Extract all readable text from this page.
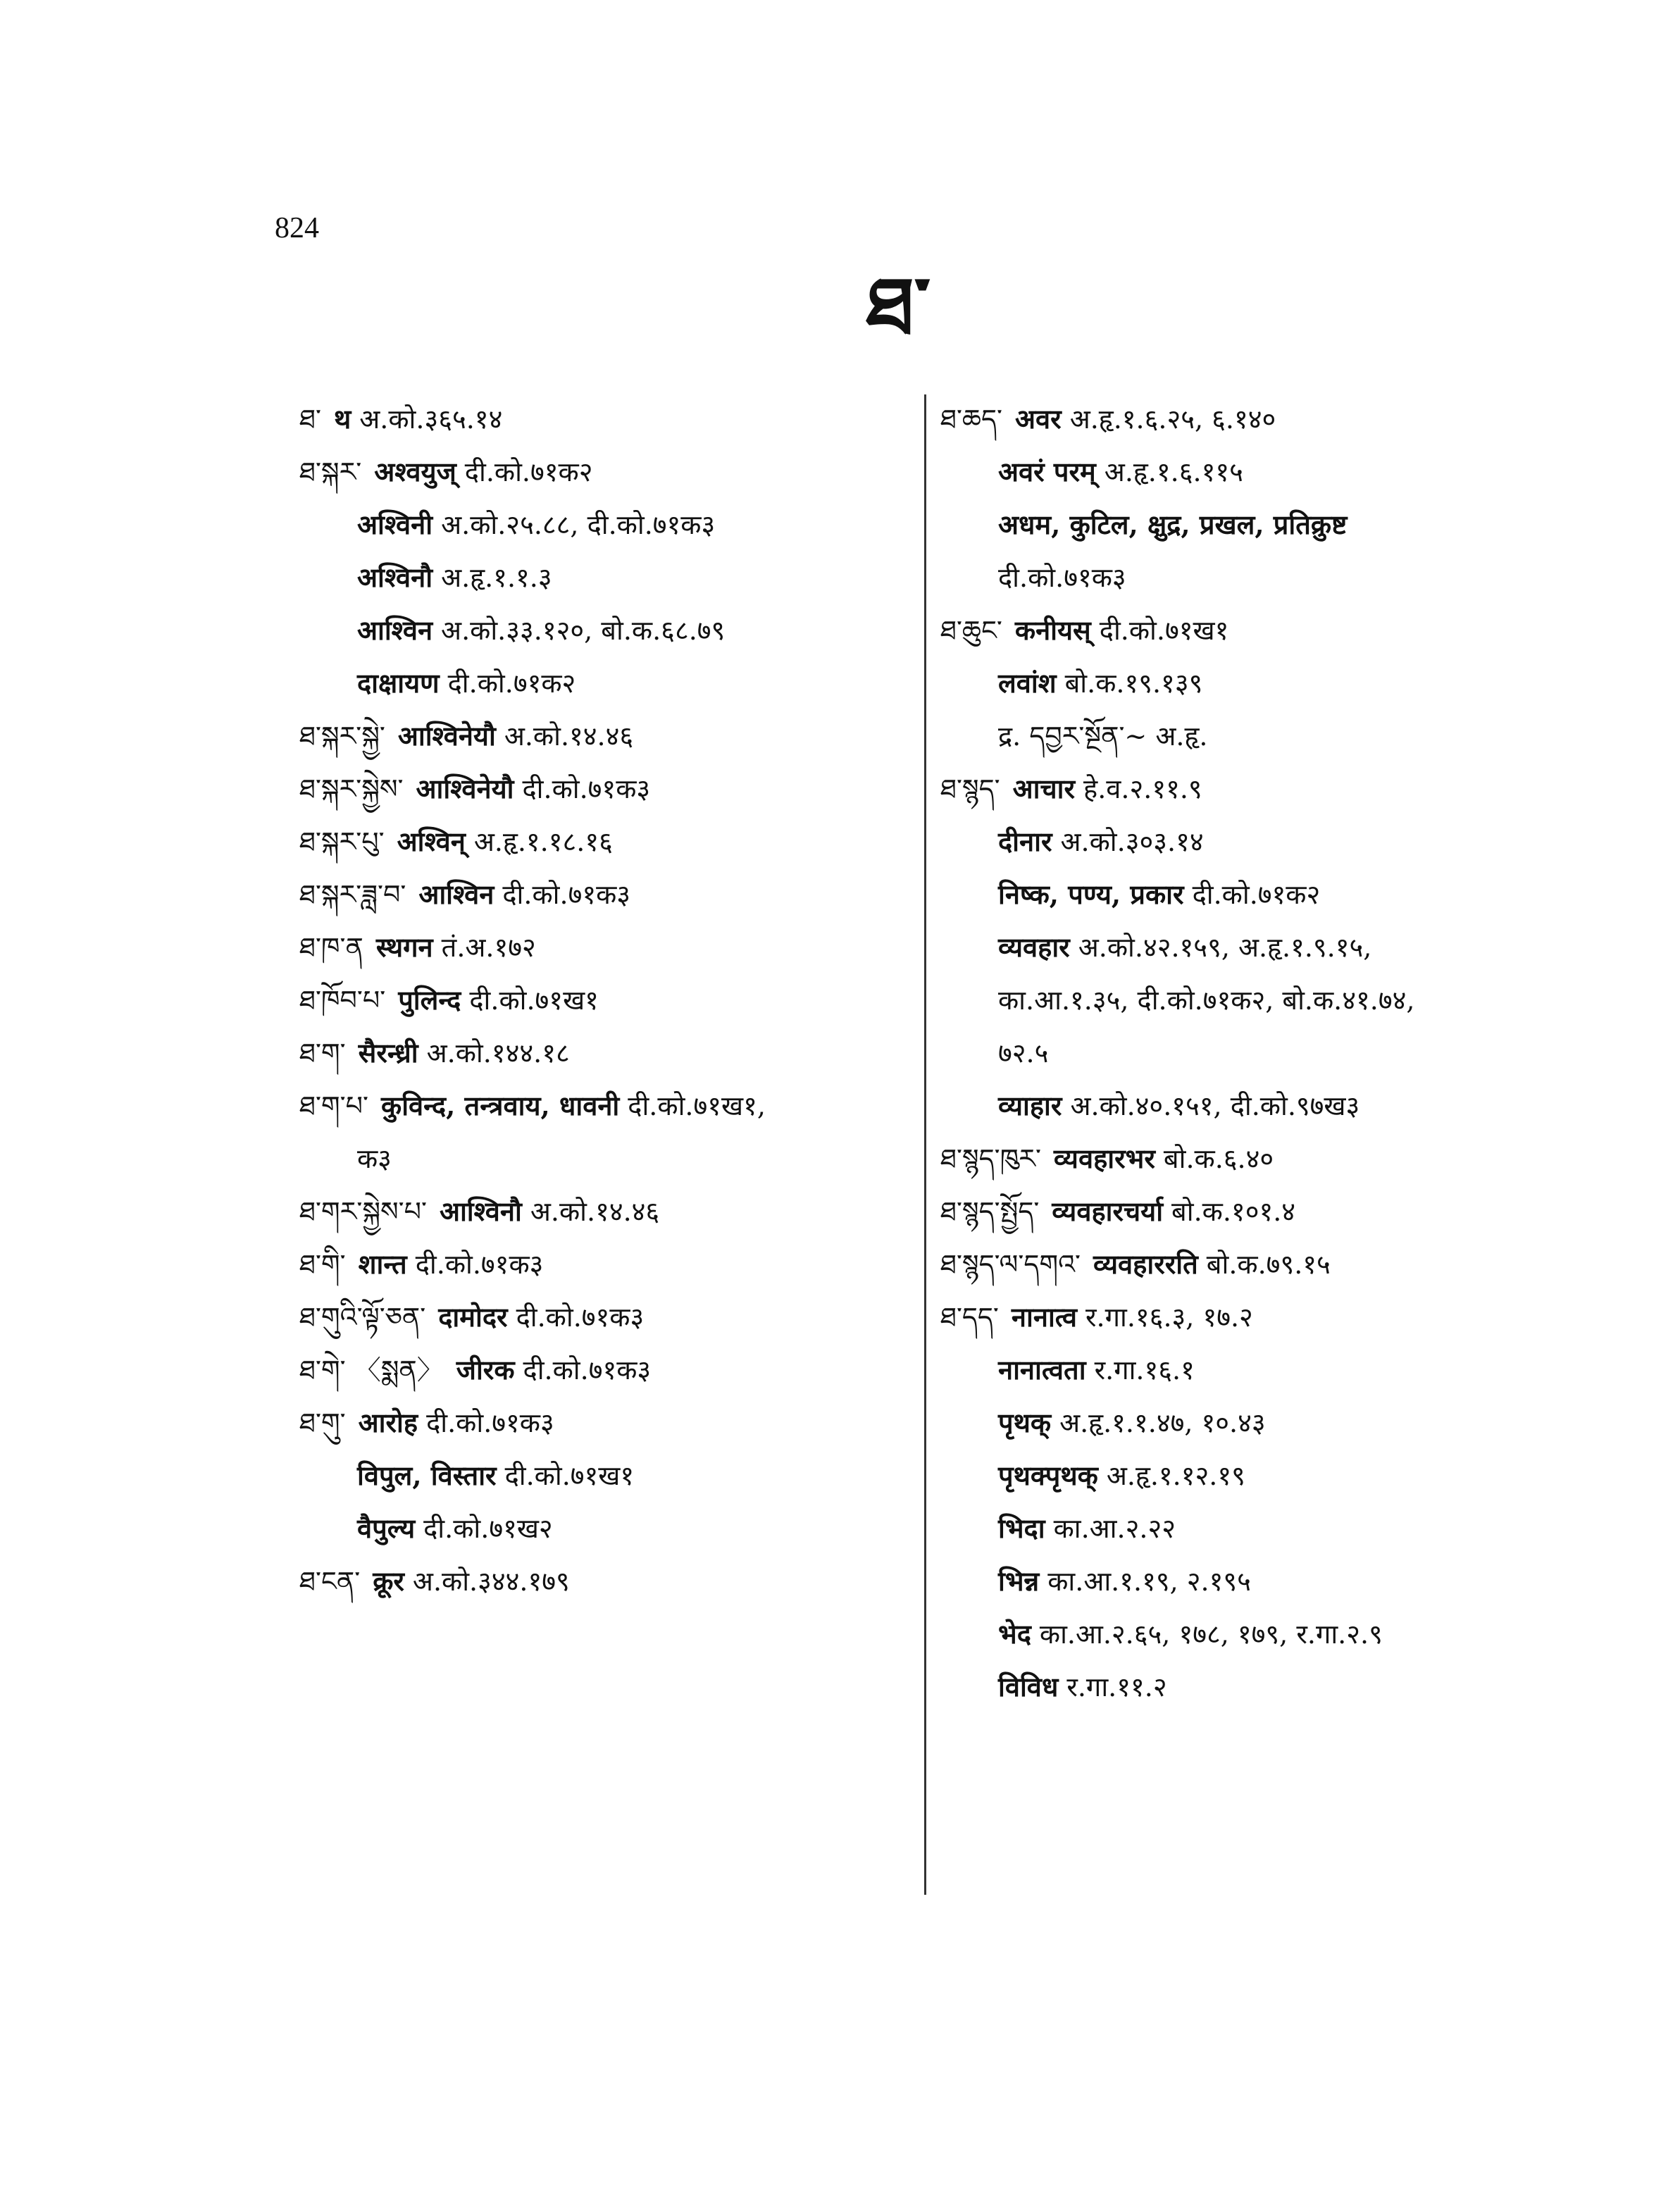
824
ཐ་
ཐ་ थ अ.को.३६५.१४
ཐ་སྐར་ अश्वयुज् दी.को.७१क२
अश्विनी अ.को.२५.८८, दी.को.७१क३
अश्विनौ अ.हृ.१.१.३
आश्विन अ.को.३३.१२०, बो.क.६८.७९
दाक्षायण दी.को.७१क२
ཐ་སྐར་སྐྱེ་ आश्विनेयौ अ.को.१४.४६
ཐ་སྐར་སྐྱེས་ आश्विनेयौ दी.को.७१क३
ཐ་སྐར་པུ་ अश्विन् अ.हृ.१.१८.१६
ཐ་སྐར་ཟླ་བ་ आश्विन दी.को.७१क३
ཐ་ཁ་ན स्थगन तं.अ.१७२
ཐ་ཁོབ་པ་ पुलिन्द दी.को.७१ख१
ཐ་ག་ सैरन्ध्री अ.को.१४४.१८
ཐ་ག་པ་ कुविन्द, तन्त्रवाय, धावनी दी.को.७१ख१,
क३
ཐ་གར་སྐྱེས་པ་ आश्विनौ अ.को.१४.४६
ཐ་གི་ शान्त दी.को.७१क३
ཐ་གུའི་ལྟོ་ཅན་ दामोदर दी.को.७१क३
ཐ་གེ་ 〈སྨན〉 जीरक दी.को.७१क३
ཐ་གུ་ आरोह दी.को.७१क३
विपुल, विस्तार दी.को.७१ख१
वैपुल्य दी.को.७१ख२
ཐ་ངན་ क्रूर अ.को.३४४.१७९
ཐ་ཆད་ अवर अ.हृ.१.६.२५, ६.१४०
अवरं परम् अ.हृ.१.६.११५
अधम, कुटिल, क्षुद्र, प्रखल, प्रतिक्रुष्ट
दी.को.७१क३
ཐ་ཆུང་ कनीयस् दी.को.७१ख१
लवांश बो.क.१९.१३९
द्र. དབྱར་སྔོན་~ अ.हृ.
ཐ་སྙད་ आचार हे.व.२.११.९
दीनार अ.को.३०३.१४
निष्क, पण्य, प्रकार दी.को.७१क२
व्यवहार अ.को.४२.१५९, अ.हृ.१.९.१५,
का.आ.१.३५, दी.को.७१क२, बो.क.४१.७४,
७२.५
व्याहार अ.को.४०.१५१, दी.को.९७ख३
ཐ་སྙད་ཁུར་ व्यवहारभर बो.क.६.४०
ཐ་སྙད་སྤྱོད་ व्यवहारचर्या बो.क.१०१.४
ཐ་སྙད་ལ་དགའ་ व्यवहाररति बो.क.७९.१५
ཐ་དད་ नानात्व र.गा.१६.३, १७.२
नानात्वता र.गा.१६.१
पृथक् अ.हृ.१.१.४७, १०.४३
पृथक्पृथक् अ.हृ.१.१२.१९
भिदा का.आ.२.२२
भिन्न का.आ.१.१९, २.१९५
भेद का.आ.२.६५, १७८, १७९, र.गा.२.९
विविध र.गा.११.२
